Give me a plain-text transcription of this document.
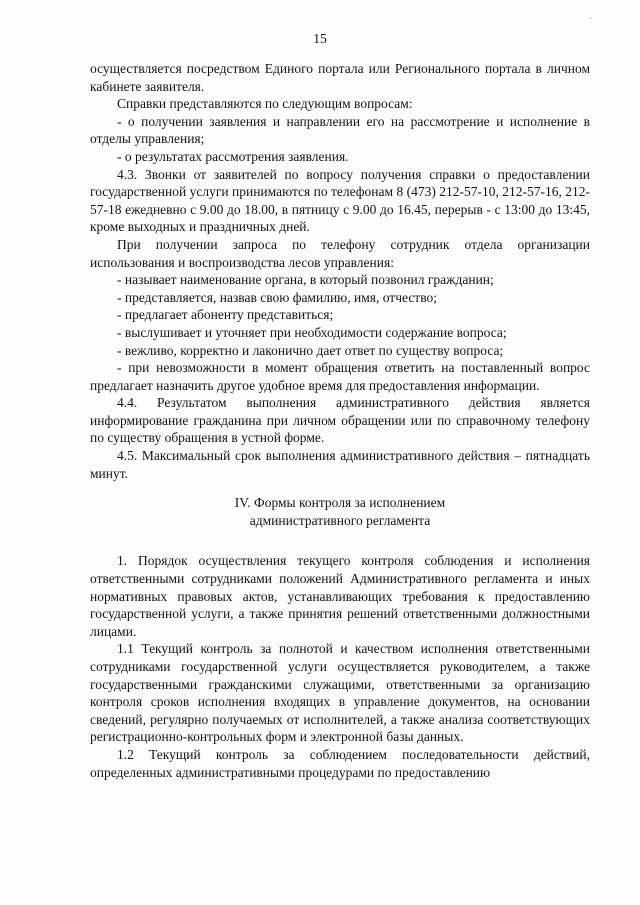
-
15

осуществляется посредством Единого портала или Регионального портала в личном кабинете заявителя.

Справки представляются по следующим вопросам:

- о получении заявления и направлении его на рассмотрение и исполнение в отделы управления;

- о результатах рассмотрения заявления.

4.3. Звонки от заявителей по вопросу получения справки о предоставлении государственной услуги принимаются по телефонам 8 (473) 212-57-10, 212-57-16, 212-57-18 ежедневно с 9.00 до 18.00, в пятницу с 9.00 до 16.45, перерыв - с 13:00 до 13:45, кроме выходных и праздничных дней.

При получении запроса по телефону сотрудник отдела организации использования и воспроизводства лесов управления:

- называет наименование органа, в который позвонил гражданин;

- представляется, назвав свою фамилию, имя, отчество;

- предлагает абоненту представиться;

- выслушивает и уточняет при необходимости содержание вопроса;

- вежливо, корректно и лаконично дает ответ по существу вопроса;

- при невозможности в момент обращения ответить на поставленный вопрос предлагает назначить другое удобное время для предоставления информации.

4.4. Результатом выполнения административного действия является информирование гражданина при личном обращении или по справочному телефону по существу обращения в устной форме.

4.5. Максимальный срок выполнения административного действия – пятнадцать минут.

IV. Формы контроля за исполнением
административного регламента

1. Порядок осуществления текущего контроля соблюдения и исполнения ответственными сотрудниками положений Административного регламента и иных нормативных правовых актов, устанавливающих требования к предоставлению государственной услуги, а также принятия решений ответственными должностными лицами.

1.1 Текущий контроль за полнотой и качеством исполнения ответственными сотрудниками государственной услуги осуществляется руководителем, а также государственными гражданскими служащими, ответственными за организацию контроля сроков исполнения входящих в управление документов, на основании сведений, регулярно получаемых от исполнителей, а также анализа соответствующих регистрационно-контрольных форм и электронной базы данных.

1.2 Текущий контроль за соблюдением последовательности действий, определенных административными процедурами по предоставлению
